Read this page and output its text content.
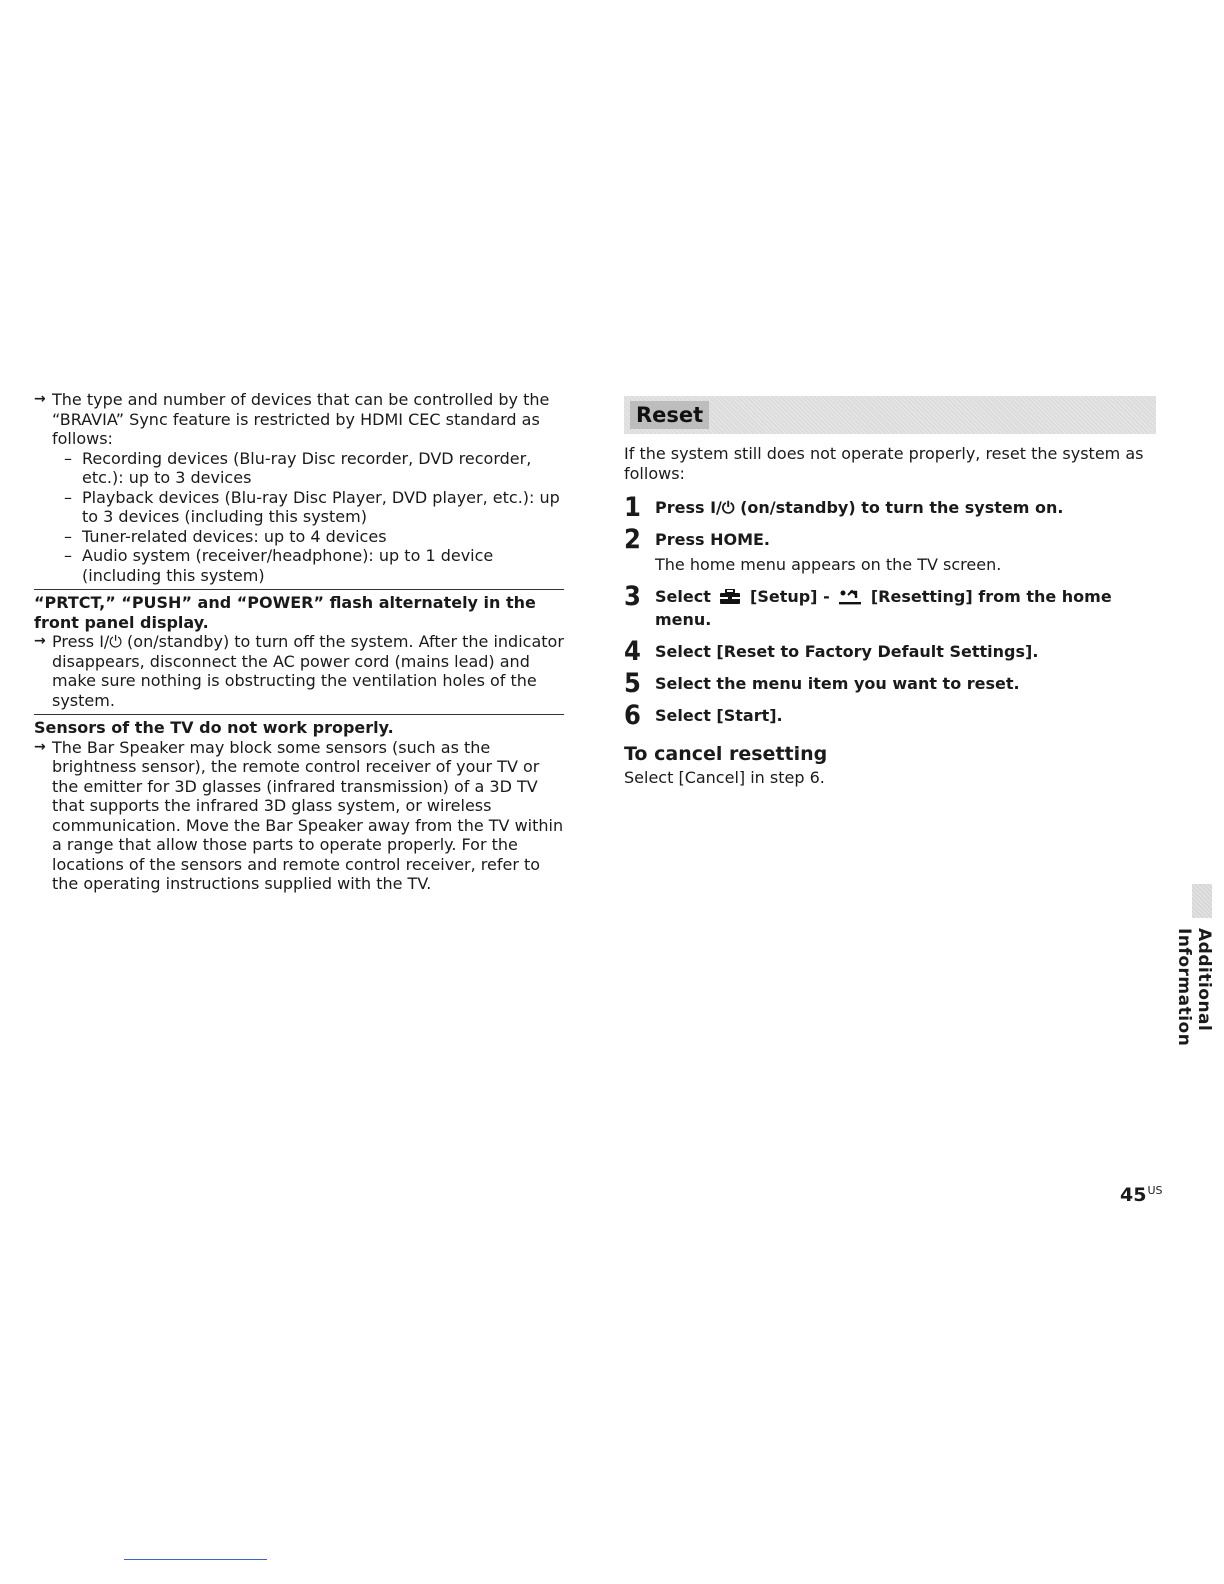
→ The type and number of devices that can be controlled by the “BRAVIA” Sync feature is restricted by HDMI CEC standard as follows:
– Recording devices (Blu-ray Disc recorder, DVD recorder, etc.): up to 3 devices
– Playback devices (Blu-ray Disc Player, DVD player, etc.): up to 3 devices (including this system)
– Tuner-related devices: up to 4 devices
– Audio system (receiver/headphone): up to 1 device (including this system)

“PRTCT,” “PUSH” and “POWER” flash alternately in the front panel display.

→ Press I/⏻ (on/standby) to turn off the system. After the indicator disappears, disconnect the AC power cord (mains lead) and make sure nothing is obstructing the ventilation holes of the system.

Sensors of the TV do not work properly.

→ The Bar Speaker may block some sensors (such as the brightness sensor), the remote control receiver of your TV or the emitter for 3D glasses (infrared transmission) of a 3D TV that supports the infrared 3D glass system, or wireless communication. Move the Bar Speaker away from the TV within a range that allow those parts to operate properly. For the locations of the sensors and remote control receiver, refer to the operating instructions supplied with the TV.
Reset
If the system still does not operate properly, reset the system as follows:
1 Press I/⏻ (on/standby) to turn the system on.
2 Press HOME.
The home menu appears on the TV screen.
3 Select [Setup] -	[Resetting] from the home menu.
4 Select [Reset to Factory Default Settings].
5 Select the menu item you want to reset.
6 Select [Start].
To cancel resetting
Select [Cancel] in step 6.
Additional Information
$45^{US}$
